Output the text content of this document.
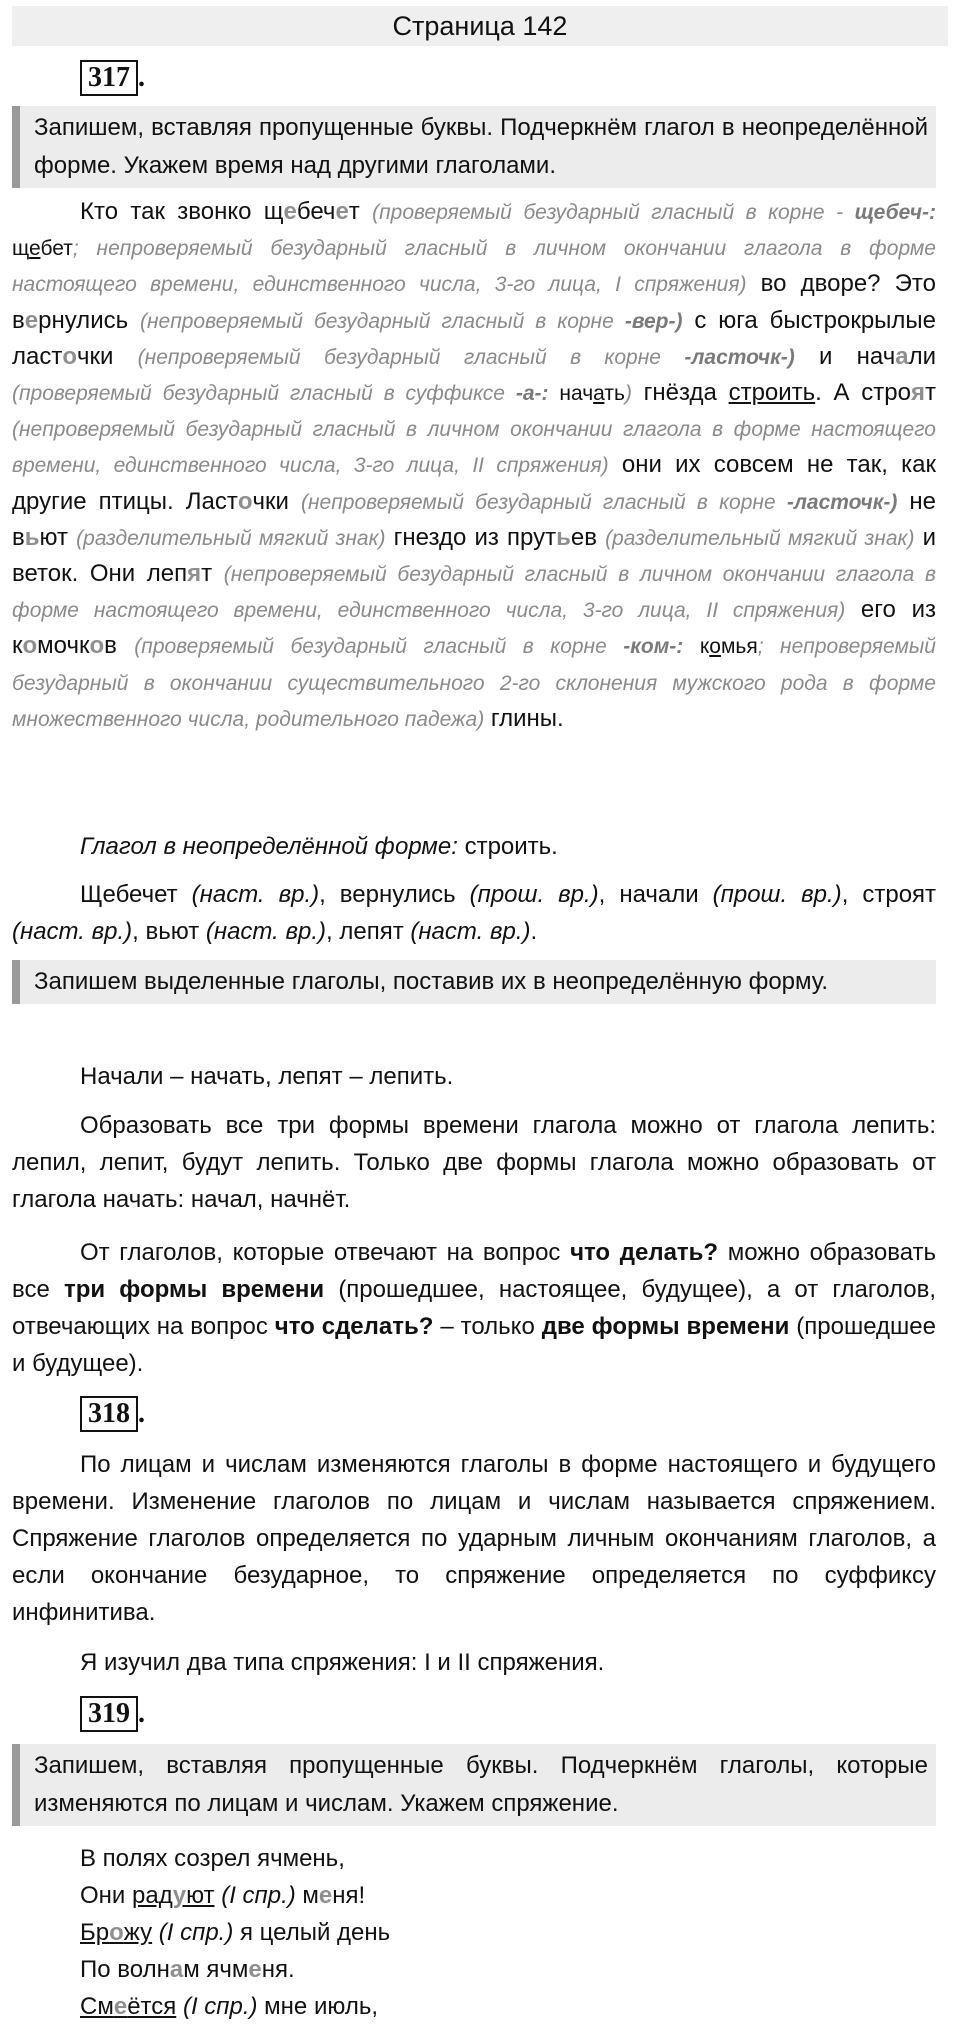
Страница 142
317 .
Запишем, вставляя пропущенные буквы. Подчеркнём глагол в неопределённой форме. Укажем время над другими глаголами.
Кто так звонко щебечет (проверяемый безударный гласный в корне - щебеч-: щебет; непроверяемый безударный гласный в личном окончании глагола в форме настоящего времени, единственного числа, 3-го лица, I спряжения) во дворе? Это вернулись (непроверяемый безударный гласный в корне -вер-) с юга быстрокрылые ласточки (непроверяемый безударный гласный в корне -ласточк-) и начали (проверяемый безударный гласный в суффиксе -а-: начать) гнёзда строить. А строят (непроверяемый безударный гласный в личном окончании глагола в форме настоящего времени, единственного числа, 3-го лица, II спряжения) они их совсем не так, как другие птицы. Ласточки (непроверяемый безударный гласный в корне -ласточк-) не вьют (разделительный мягкий знак) гнездо из прутьев (разделительный мягкий знак) и веток. Они лепят (непроверяемый безударный гласный в личном окончании глагола в форме настоящего времени, единственного числа, 3-го лица, II спряжения) его из комочков (проверяемый безударный гласный в корне -ком-: комья; непроверяемый безударный в окончании существительного 2-го склонения мужского рода в форме множественного числа, родительного падежа) глины.
Глагол в неопределённой форме: строить.
Щебечет (наст. вр.), вернулись (прош. вр.), начали (прош. вр.), строят (наст. вр.), вьют (наст. вр.), лепят (наст. вр.).
Запишем выделенные глаголы, поставив их в неопределённую форму.
Начали – начать, лепят – лепить.
Образовать все три формы времени глагола можно от глагола лепить: лепил, лепит, будут лепить. Только две формы глагола можно образовать от глагола начать: начал, начнёт.
От глаголов, которые отвечают на вопрос что делать? можно образовать все три формы времени (прошедшее, настоящее, будущее), а от глаголов, отвечающих на вопрос что сделать? – только две формы времени (прошедшее и будущее).
318 .
По лицам и числам изменяются глаголы в форме настоящего и будущего времени. Изменение глаголов по лицам и числам называется спряжением. Спряжение глаголов определяется по ударным личным окончаниям глаголов, а если окончание безударное, то спряжение определяется по суффиксу инфинитива.
Я изучил два типа спряжения: I и II спряжения.
319 .
Запишем, вставляя пропущенные буквы. Подчеркнём глаголы, которые изменяются по лицам и числам. Укажем спряжение.
В полях созрел ячмень,
Они радуют (I спр.) меня!
Брожу (I спр.) я целый день
По волнам ячменя.
Смеётся (I спр.) мне июль,
